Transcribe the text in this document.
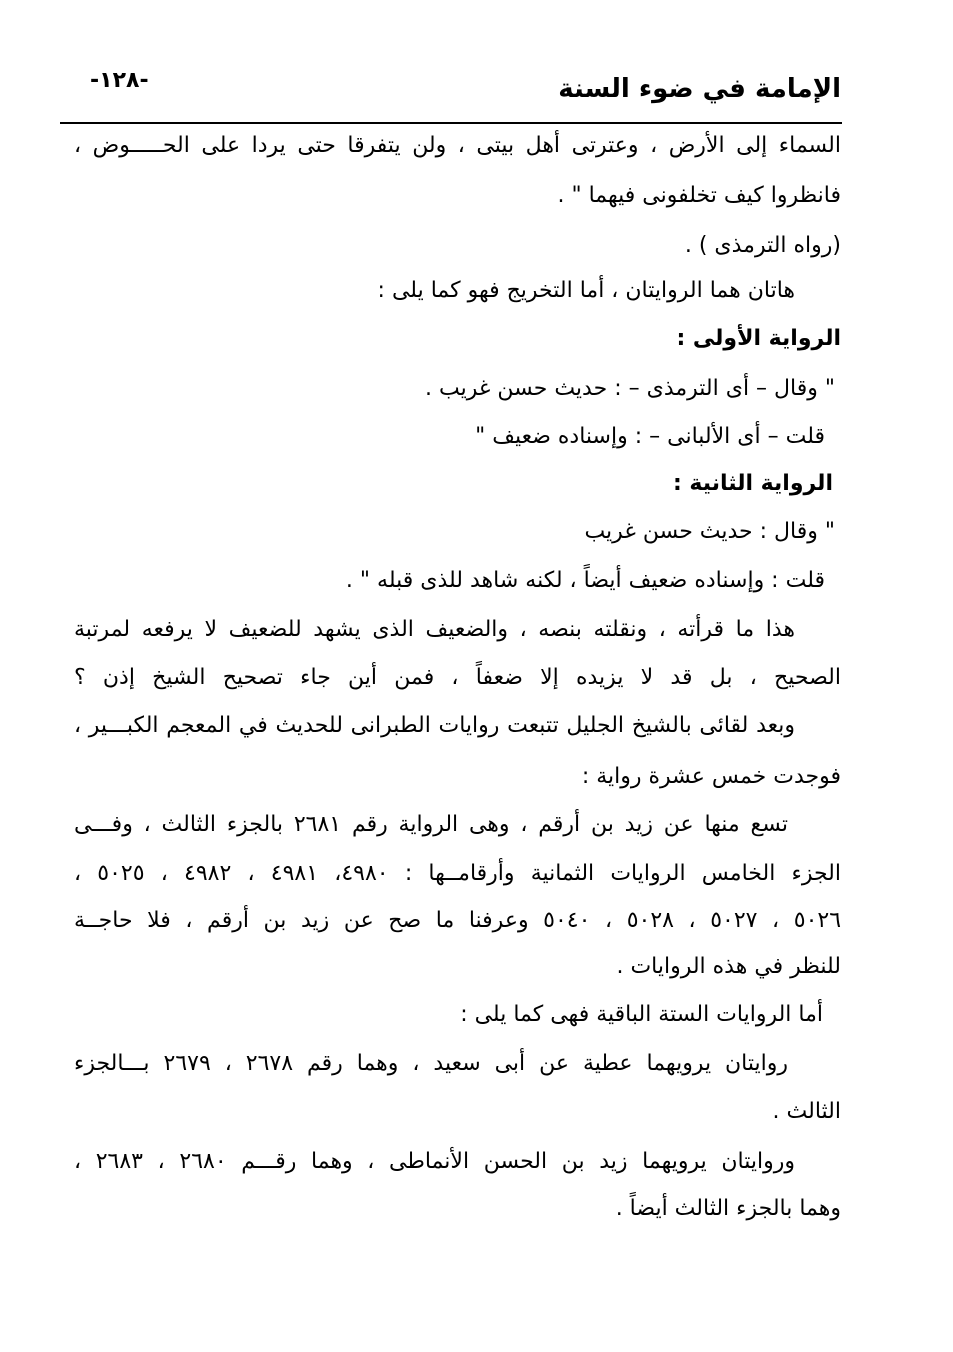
الإمامة في ضوء السنة
-١٢٨-
السماء إلى الأرض ، وعترتى أهل بيتى ، ولن يتفرقا حتى يردا على الحـــــوض ،
فانظروا كيف تخلفونى فيهما " .
(رواه الترمذى ) .
هاتان هما الروايتان ، أما التخريج فهو كما يلى :
الرواية الأولى :
" وقال – أى الترمذى – : حديث حسن غريب .
قلت – أى الألبانى – : وإسناده ضعيف "
الرواية الثانية :
" وقال : حديث حسن غريب
قلت : وإسناده ضعيف أيضاً ، لكنه شاهد للذى قبله " .
هذا ما قرأته ، ونقلته بنصه ، والضعيف الذى يشهد للضعيف لا يرفعه لمرتبة
الصحيح ، بل قد لا يزيده إلا ضعفاً ، فمن أين جاء تصحيح الشيخ إذن ؟
وبعد لقائى بالشيخ الجليل تتبعت روايات الطبرانى للحديث في المعجم الكبـــير ،
فوجدت خمس عشرة رواية :
تسع منها عن زيد بن أرقم ، وهى الرواية رقم ٢٦٨١ بالجزء الثالث ، وفـــى
الجزء الخامس الروايات الثمانية وأرقامــها : ٤٩٨٠، ٤٩٨١ ، ٤٩٨٢ ، ٥٠٢٥ ،
٥٠٢٦ ، ٥٠٢٧ ، ٥٠٢٨ ، ٥٠٤٠ وعرفنا ما صح عن زيد بن أرقم ، فلا حاجــة
للنظر في هذه الروايات .
أما الروايات الستة الباقية فهى كما يلى :
روايتان يرويهما عطية عن أبى سعيد ، وهما رقم ٢٦٧٨ ، ٢٦٧٩ بـــالجزء
الثالث .
وروايتان يرويهما زيد بن الحسن الأنماطى ، وهما رقـــم ٢٦٨٠ ، ٢٦٨٣ ،
وهما بالجزء الثالث أيضاً .
